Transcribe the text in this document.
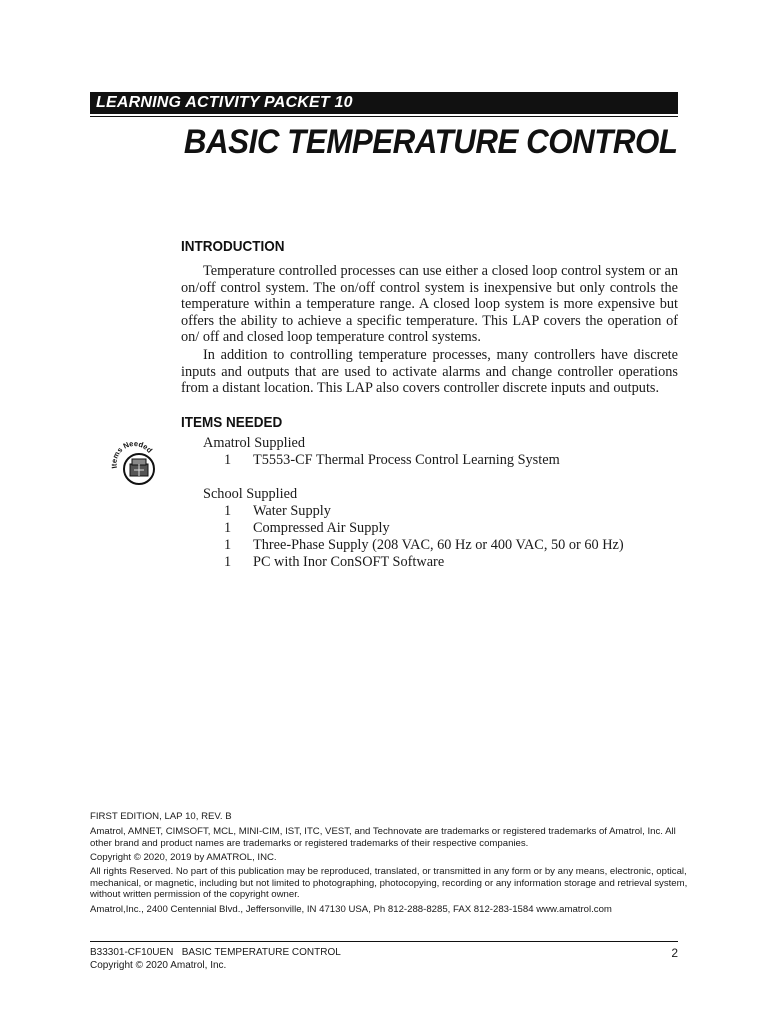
LEARNING ACTIVITY PACKET 10
BASIC TEMPERATURE CONTROL
INTRODUCTION

Temperature controlled processes can use either a closed loop control system or an on/off control system. The on/off control system is inexpensive but only controls the temperature within a temperature range. A closed loop system is more expensive but offers the ability to achieve a specific temperature. This LAP covers the operation of on/ off and closed loop temperature control systems.

In addition to controlling temperature processes, many controllers have discrete inputs and outputs that are used to activate alarms and change controller operations from a distant location. This LAP also covers controller discrete inputs and outputs.

ITEMS NEEDED
Items Needed	Amatrol Supplied
1 T5553-CF Thermal Process Control Learning System
School Supplied
1 Water Supply
1 Compressed Air Supply
1 Three-Phase Supply (208 VAC, 60 Hz or 400 VAC, 50 or 60 Hz)
1 PC with Inor ConSOFT Software

FIRST EDITION, LAP 10, REV. B

Amatrol, AMNET, CIMSOFT, MCL, MINI-CIM, IST, ITC, VEST, and Technovate are trademarks or registered trademarks of Amatrol, Inc. All other brand and product names are trademarks or registered trademarks of their respective companies.

Copyright © 2020, 2019 by AMATROL, INC.

All rights Reserved. No part of this publication may be reproduced, translated, or transmitted in any form or by any means, electronic, optical, mechanical, or magnetic, including but not limited to photographing, photocopying, recording or any information storage and retrieval system, without written permission of the copyright owner.

Amatrol,Inc., 2400 Centennial Blvd., Jeffersonville, IN 47130 USA, Ph 812-288-8285, FAX 812-283-1584 www.amatrol.com

B33301-CF10UEN   BASIC TEMPERATURE CONTROL
Copyright © 2020 Amatrol, Inc.
2
